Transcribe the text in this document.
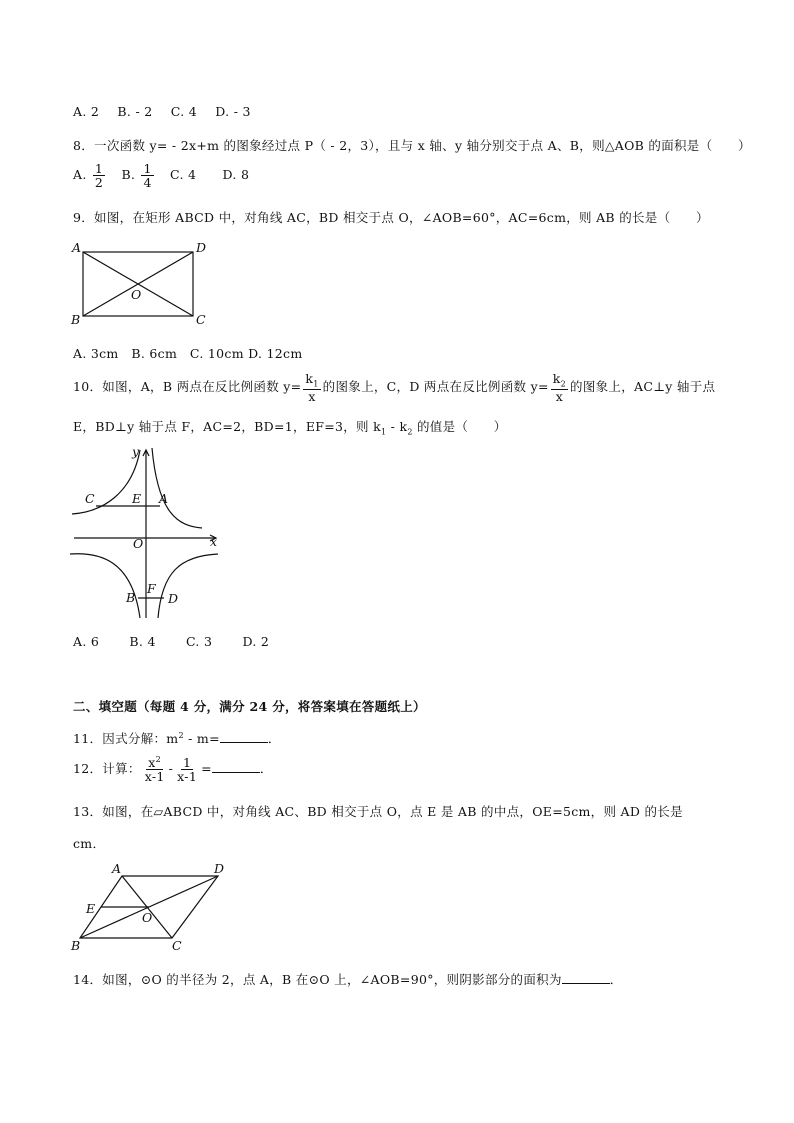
A. 2 B. - 2 C. 4 D. - 3
8．一次函数 y= - 2x+m 的图象经过点 P（ - 2，3），且与 x 轴、y 轴分别交于点 A、B，则△AOB 的面积是（　　）
A. $\frac{1}{2} B$. $\frac{1}{4} C$. 4 D. 8
9．如图，在矩形 ABCD 中，对角线 AC，BD 相交于点 O，∠AOB=60°，AC=6cm，则 AB 的长是（　　）
A	D
B	C
O
A. 3cm　B. 6cm　C. 10cm D. 12cm
10．如图，A，B 两点在反比例函数 $y= \frac{k_1}{x}$ 的图象上，C，D 两点在反比例函数 $y= \frac{k_2}{x}$ 的图象上，AC⊥y 轴于点
E，BD⊥y 轴于点 F，AC=2，BD=1，EF=3，则 $k_1 - k_2$ 的值是（　　）
y
x
C	E A
O
F
B	D
A. 6 B. 4 C. 3 D. 2
二、填空题（每题 4 分，满分 24 分，将答案填在答题纸上）
11．因式分解：$m^2 - m=$	．
12．计算： $\frac{x^2}{x-1} - \frac{1}{x-1}$ =	．
13．如图，在▱ABCD 中，对角线 AC、BD 相交于点 O，点 E 是 AB 的中点，OE=5cm，则 AD 的长是
cm．
A	D
E
O
B	C
14．如图，⊙O 的半径为 2，点 A，B 在⊙O 上，∠AOB=90°，则阴影部分的面积为	．
